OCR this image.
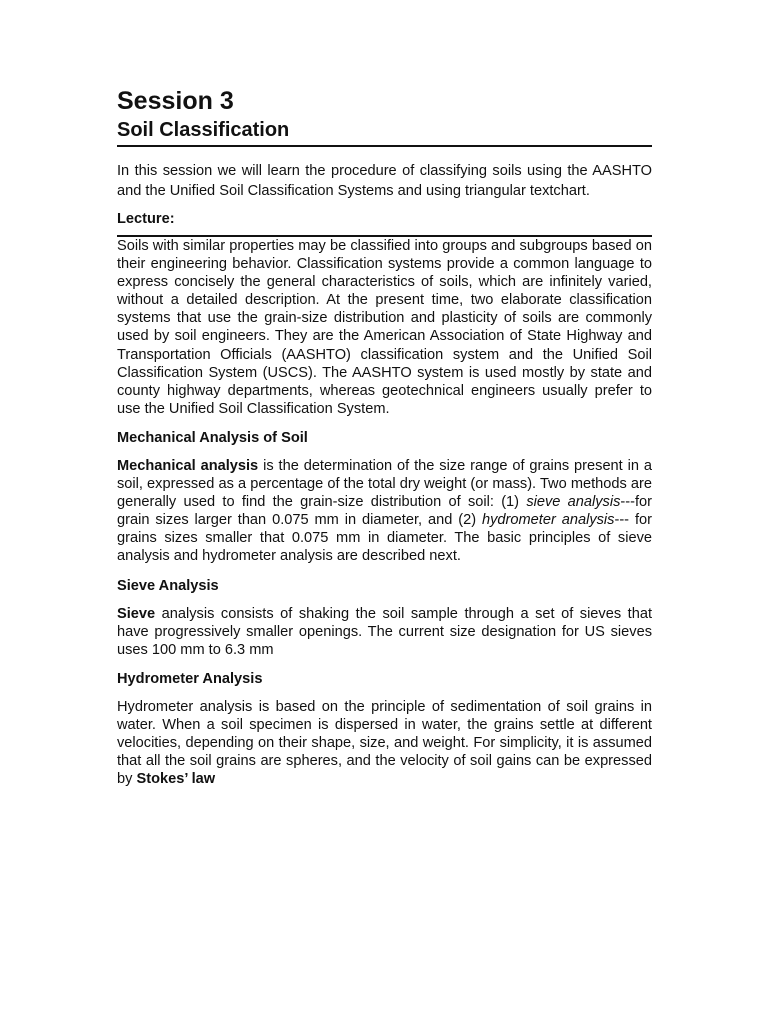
Session 3
Soil Classification

In this session we will learn the procedure of classifying soils using the AASHTO and the Unified Soil Classification Systems and using triangular textchart.

Lecture:

Soils with similar properties may be classified into groups and subgroups based on their engineering behavior. Classification systems provide a common language to express concisely the general characteristics of soils, which are infinitely varied, without a detailed description. At the present time, two elaborate classification systems that use the grain-size distribution and plasticity of soils are commonly used by soil engineers. They are the American Association of State Highway and Transportation Officials (AASHTO) classification system and the Unified Soil Classification System (USCS). The AASHTO system is used mostly by state and county highway departments, whereas geotechnical engineers usually prefer to use the Unified Soil Classification System.

Mechanical Analysis of Soil

Mechanical analysis is the determination of the size range of grains present in a soil, expressed as a percentage of the total dry weight (or mass). Two methods are generally used to find the grain-size distribution of soil: (1) sieve analysis---for grain sizes larger than 0.075 mm in diameter, and (2) hydrometer analysis--- for grains sizes smaller that 0.075 mm in diameter. The basic principles of sieve analysis and hydrometer analysis are described next.

Sieve Analysis

Sieve analysis consists of shaking the soil sample through a set of sieves that have progressively smaller openings. The current size designation for US sieves uses 100 mm to 6.3 mm

Hydrometer Analysis

Hydrometer analysis is based on the principle of sedimentation of soil grains in water. When a soil specimen is dispersed in water, the grains settle at different velocities, depending on their shape, size, and weight. For simplicity, it is assumed that all the soil grains are spheres, and the velocity of soil gains can be expressed by Stokes’ law
